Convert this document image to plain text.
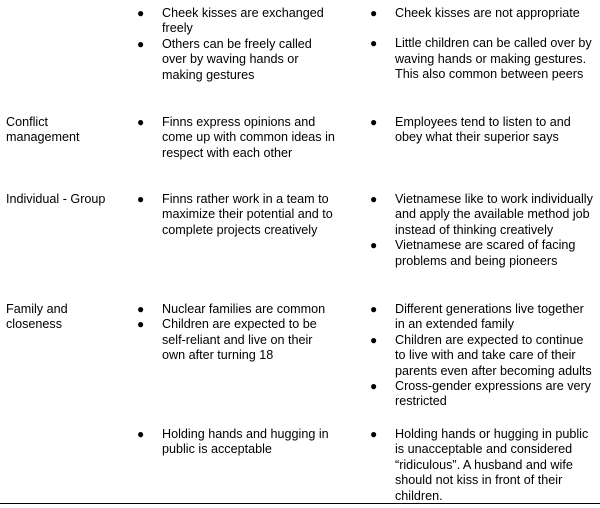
● Cheek kisses are exchanged freely
● Others can be freely called over by waving hands or making gestures
● Cheek kisses are not appropriate
● Little children can be called over by waving hands or making gestures. This also common between peers
Conflict management
● Finns express opinions and come up with common ideas in respect with each other
● Employees tend to listen to and obey what their superior says
Individual - Group	● Finns rather work in a team to maximize their potential and to complete projects creatively
● Vietnamese like to work individually and apply the available method job instead of thinking creatively
● Vietnamese are scared of facing problems and being pioneers
Family and closeness
● Nuclear families are common
● Children are expected to be self-reliant and live on their own after turning 18
● Different generations live together in an extended family
● Children are expected to continue to live with and take care of their parents even after becoming adults
● Cross-gender expressions are very restricted
● Holding hands and hugging in public is acceptable
● Holding hands or hugging in public is unacceptable and considered “ridiculous”. A husband and wife should not kiss in front of their children.
